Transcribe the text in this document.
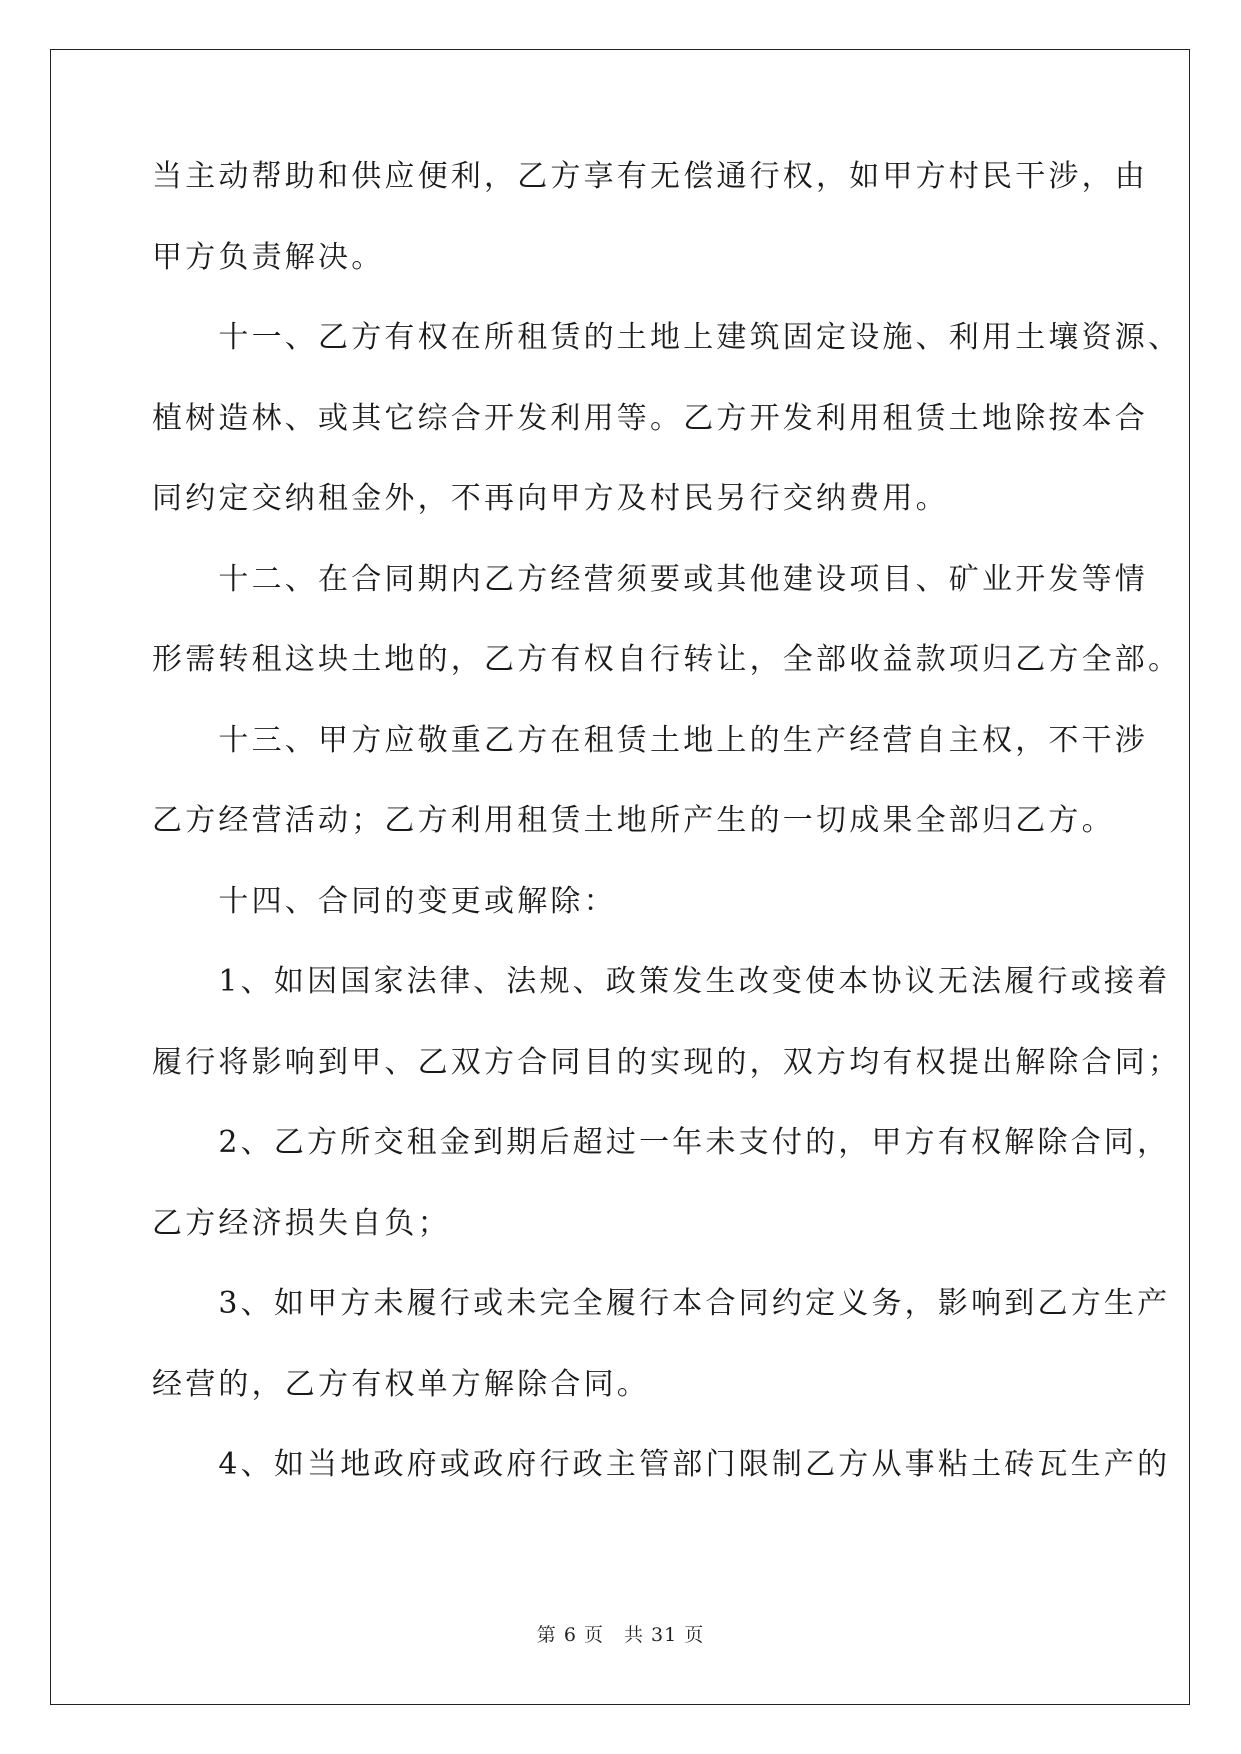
当主动帮助和供应便利，乙方享有无偿通行权，如甲方村民干涉，由
甲方负责解决。
　　十一、乙方有权在所租赁的土地上建筑固定设施、利用土壤资源、
植树造林、或其它综合开发利用等。乙方开发利用租赁土地除按本合
同约定交纳租金外，不再向甲方及村民另行交纳费用。
　　十二、在合同期内乙方经营须要或其他建设项目、矿业开发等情
形需转租这块土地的，乙方有权自行转让，全部收益款项归乙方全部。
　　十三、甲方应敬重乙方在租赁土地上的生产经营自主权，不干涉
乙方经营活动；乙方利用租赁土地所产生的一切成果全部归乙方。
　　十四、合同的变更或解除：
　　1、如因国家法律、法规、政策发生改变使本协议无法履行或接着
履行将影响到甲、乙双方合同目的实现的，双方均有权提出解除合同；
　　2、乙方所交租金到期后超过一年未支付的，甲方有权解除合同，
乙方经济损失自负；
　　3、如甲方未履行或未完全履行本合同约定义务，影响到乙方生产
经营的，乙方有权单方解除合同。
　　4、如当地政府或政府行政主管部门限制乙方从事粘土砖瓦生产的
第 6 页　共 31 页
